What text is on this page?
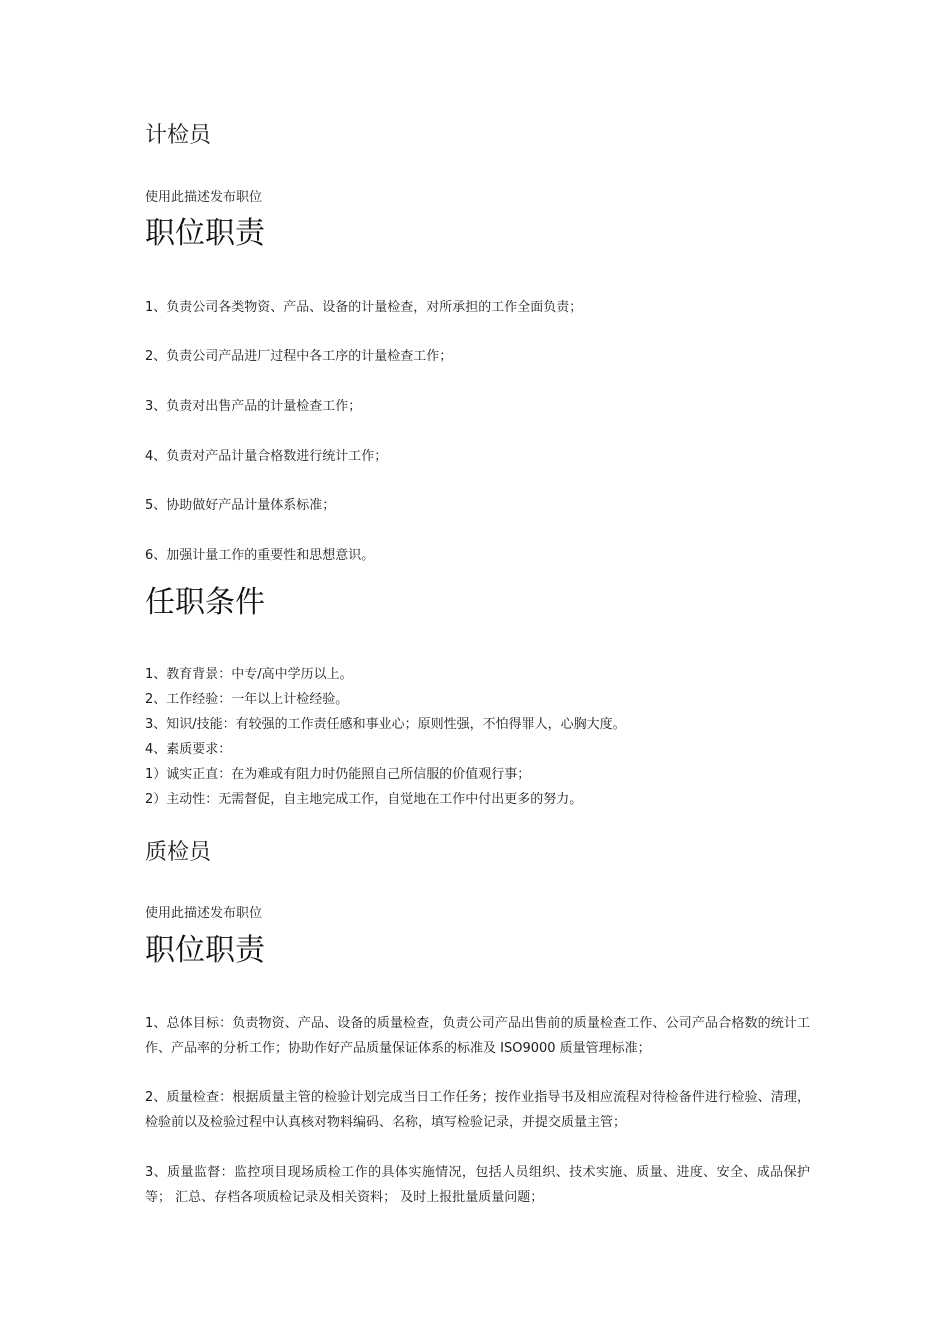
计检员
使用此描述发布职位
职位职责
1、负责公司各类物资、产品、设备的计量检查，对所承担的工作全面负责；
2、负责公司产品进厂过程中各工序的计量检查工作；
3、负责对出售产品的计量检查工作；
4、负责对产品计量合格数进行统计工作；
5、协助做好产品计量体系标准；
6、加强计量工作的重要性和思想意识。
任职条件
1、教育背景：中专/高中学历以上。
2、工作经验：一年以上计检经验。
3、知识/技能：有较强的工作责任感和事业心；原则性强，不怕得罪人，心胸大度。
4、素质要求：
1）诚实正直：在为难或有阻力时仍能照自己所信服的价值观行事；
2）主动性：无需督促，自主地完成工作，自觉地在工作中付出更多的努力。
质检员
使用此描述发布职位
职位职责
1、总体目标：负责物资、产品、设备的质量检查，负责公司产品出售前的质量检查工作、公司产品合格数的统计工作、产品率的分析工作；协助作好产品质量保证体系的标准及 ISO9000 质量管理标准；
2、质量检查：根据质量主管的检验计划完成当日工作任务；按作业指导书及相应流程对待检备件进行检验、清理，检验前以及检验过程中认真核对物料编码、名称，填写检验记录，并提交质量主管；
3、质量监督：监控项目现场质检工作的具体实施情况，包括人员组织、技术实施、质量、进度、安全、成品保护等； 汇总、存档各项质检记录及相关资料； 及时上报批量质量问题；
